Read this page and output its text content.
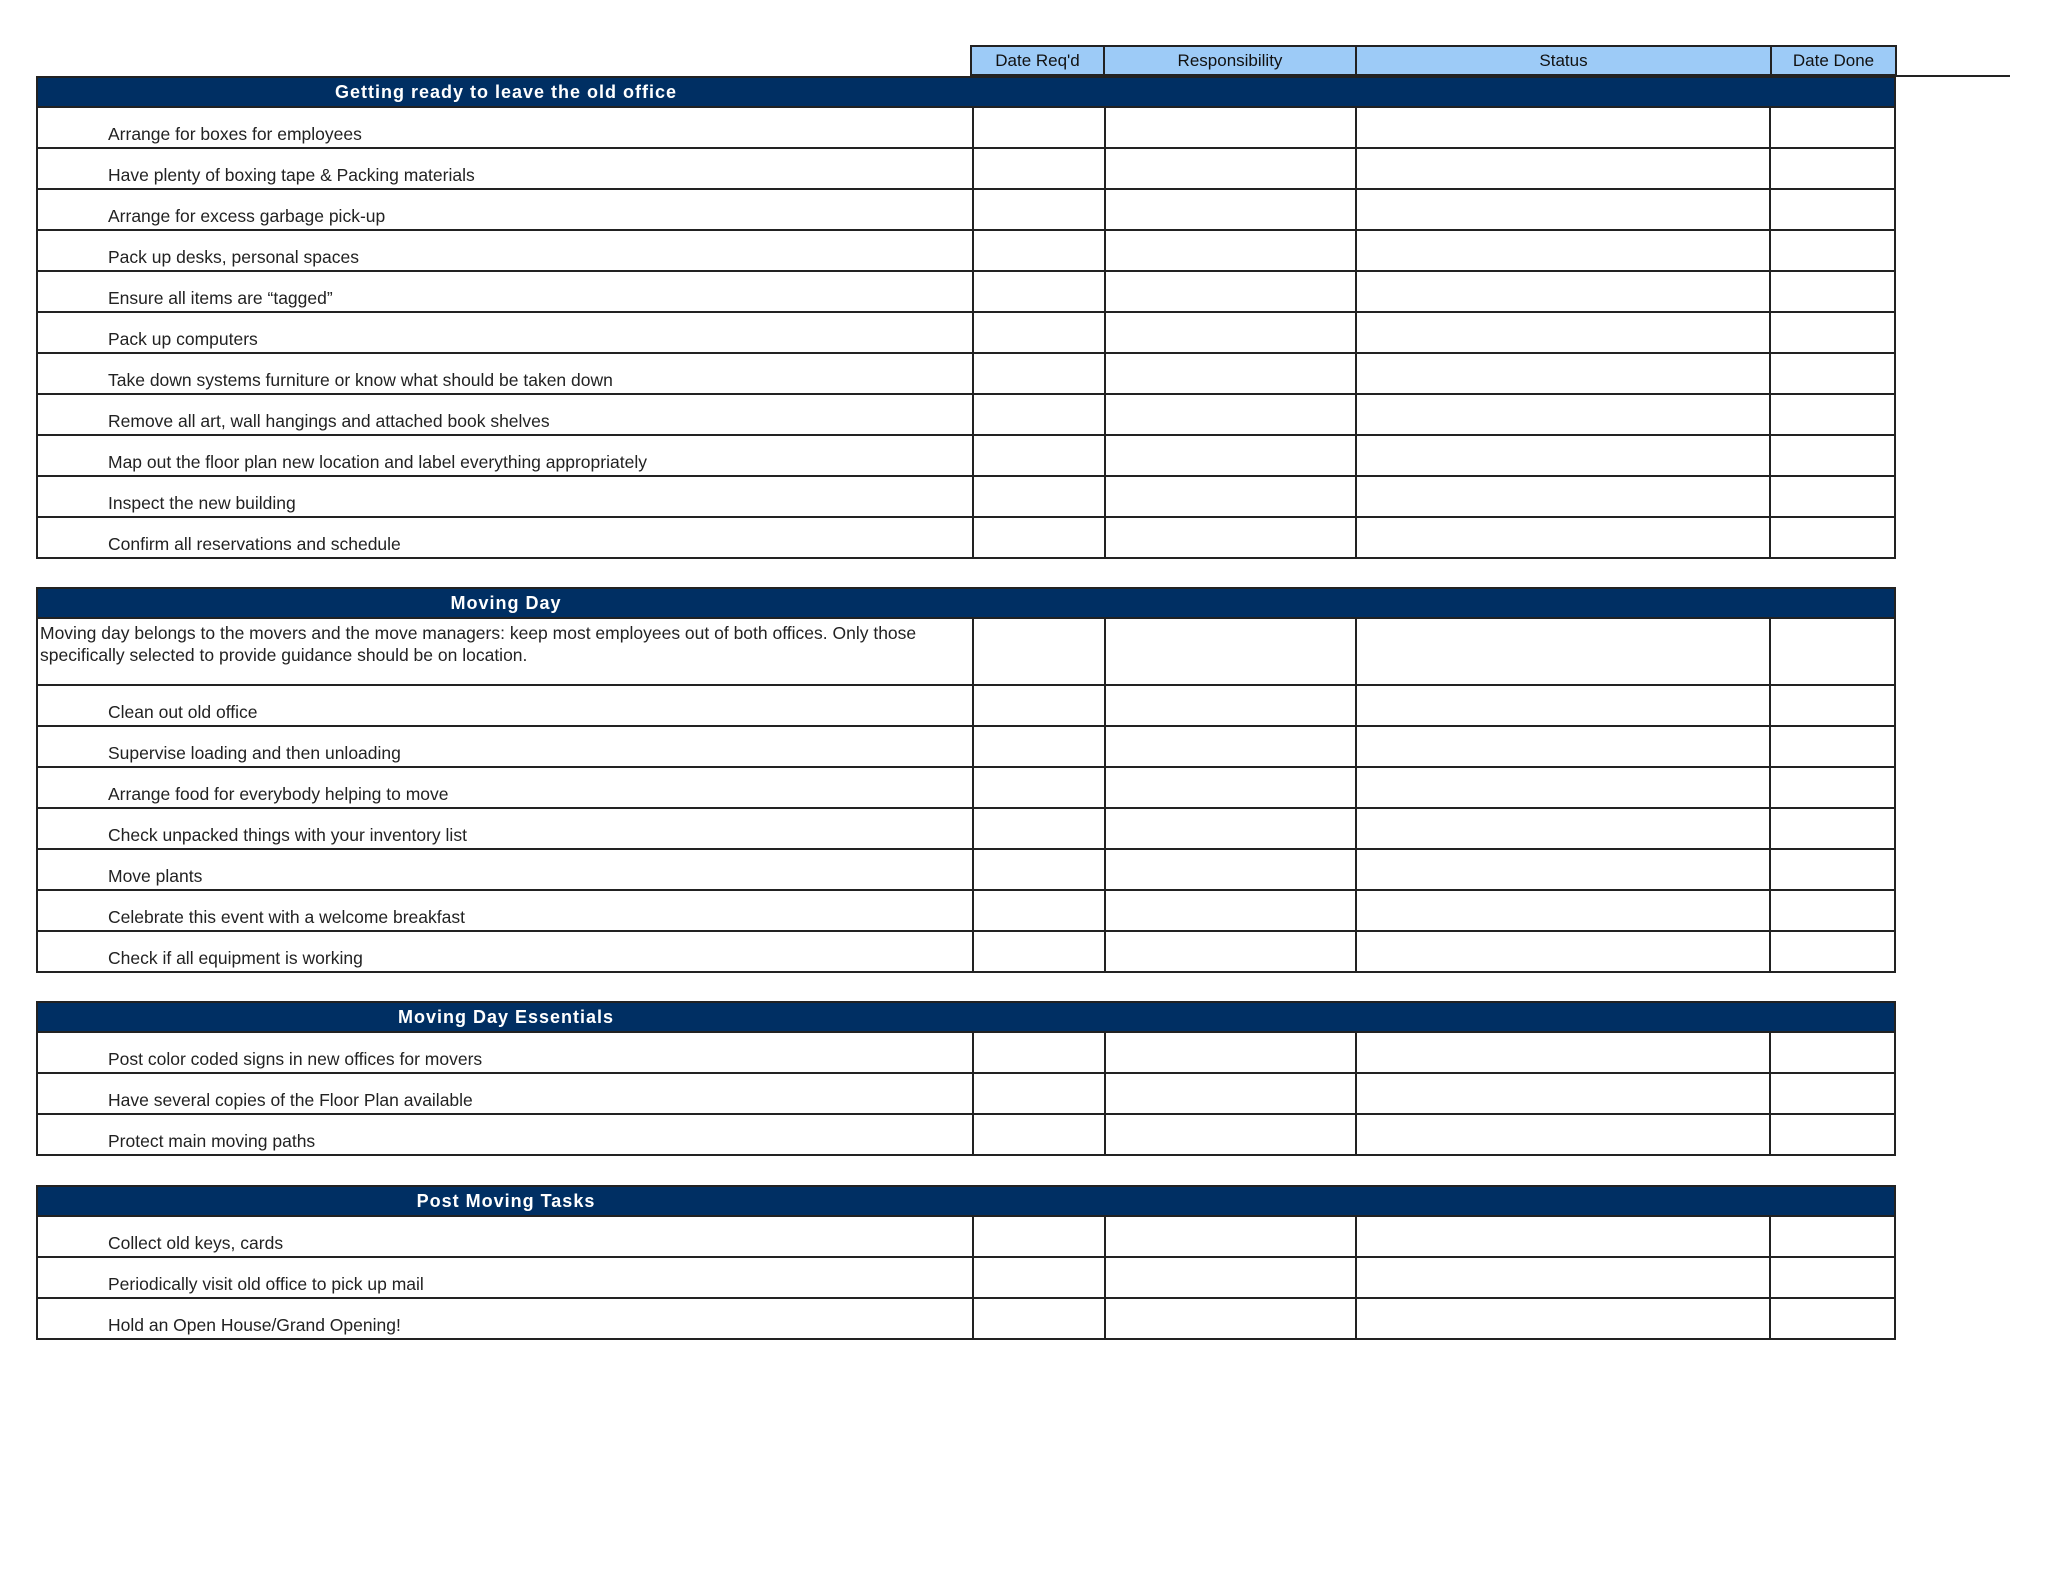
Date Req'd	Responsibility	Status	Date Done
Getting ready to leave the old office
Arrange for boxes for employees
Have plenty of boxing tape & Packing materials
Arrange for excess garbage pick-up
Pack up desks, personal spaces
Ensure all items are “tagged”
Pack up computers
Take down systems furniture or know what should be taken down
Remove all art, wall hangings and attached book shelves
Map out the floor plan new location and label everything appropriately
Inspect the new building
Confirm all reservations and schedule
Moving Day
Moving day belongs to the movers and the move managers: keep most employees out of both offices. Only those specifically selected to provide guidance should be on location.
Clean out old office
Supervise loading and then unloading
Arrange food for everybody helping to move
Check unpacked things with your inventory list
Move plants
Celebrate this event with a welcome breakfast
Check if all equipment is working
Moving Day Essentials
Post color coded signs in new offices for movers
Have several copies of the Floor Plan available
Protect main moving paths
Post Moving Tasks
Collect old keys, cards
Periodically visit old office to pick up mail
Hold an Open House/Grand Opening!
